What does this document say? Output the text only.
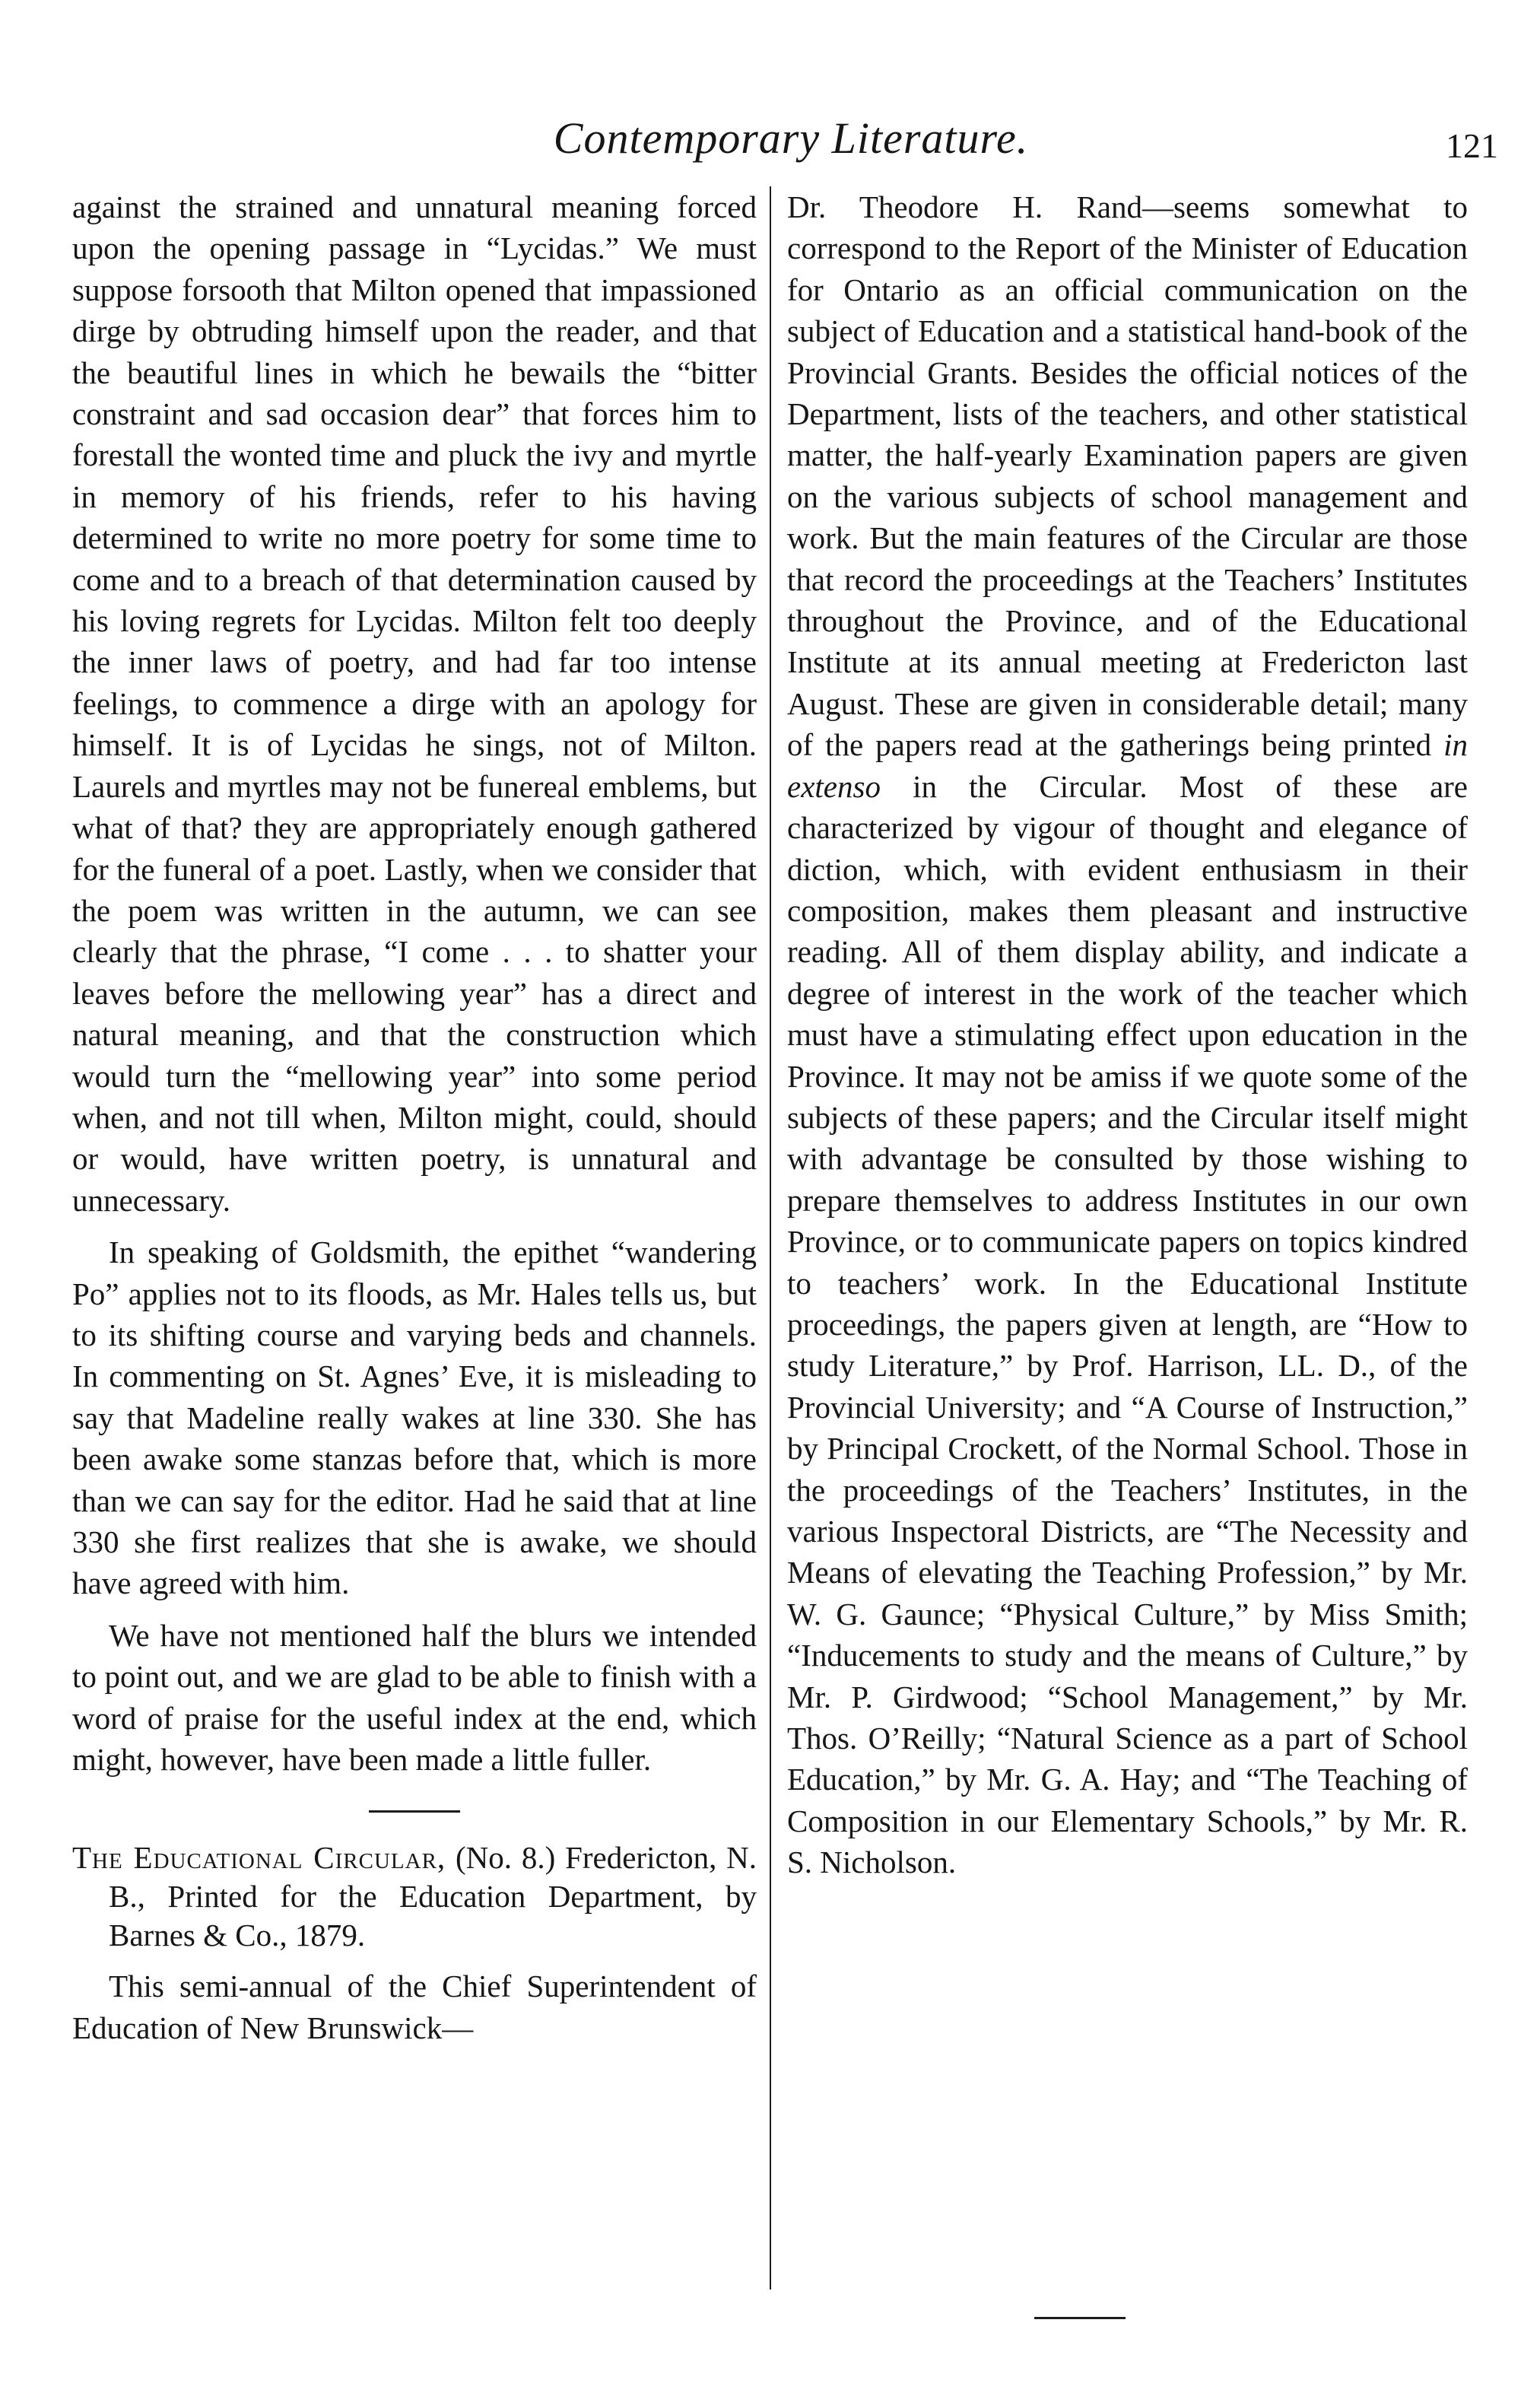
Contemporary Literature.	121

against the strained and unnatural meaning forced upon the opening passage in “Lycidas.” We must suppose forsooth that Milton opened that impassioned dirge by obtruding himself upon the reader, and that the beautiful lines in which he bewails the “bitter constraint and sad occasion dear” that forces him to forestall the wonted time and pluck the ivy and myrtle in memory of his friends, refer to his having determined to write no more poetry for some time to come and to a breach of that determination caused by his loving regrets for Lycidas. Milton felt too deeply the inner laws of poetry, and had far too intense feelings, to commence a dirge with an apology for himself. It is of Lycidas he sings, not of Milton. Laurels and myrtles may not be funereal emblems, but what of that? they are appropriately enough gathered for the funeral of a poet. Lastly, when we consider that the poem was written in the autumn, we can see clearly that the phrase, “I come . . . to shatter your leaves before the mellowing year” has a direct and natural meaning, and that the construction which would turn the “mellowing year” into some period when, and not till when, Milton might, could, should or would, have written poetry, is unnatural and unnecessary.

In speaking of Goldsmith, the epithet “wandering Po” applies not to its floods, as Mr. Hales tells us, but to its shifting course and varying beds and channels. In commenting on St. Agnes’ Eve, it is misleading to say that Madeline really wakes at line 330. She has been awake some stanzas before that, which is more than we can say for the editor. Had he said that at line 330 she first realizes that she is awake, we should have agreed with him.

We have not mentioned half the blurs we intended to point out, and we are glad to be able to finish with a word of praise for the useful index at the end, which might, however, have been made a little fuller.

The Educational Circular, (No. 8.) Fredericton, N. B., Printed for the Education Department, by Barnes & Co., 1879.

This semi-annual of the Chief Superintendent of Education of New Brunswick—

Dr. Theodore H. Rand—seems somewhat to correspond to the Report of the Minister of Education for Ontario as an official communication on the subject of Education and a statistical hand-book of the Provincial Grants. Besides the official notices of the Department, lists of the teachers, and other statistical matter, the half-yearly Examination papers are given on the various subjects of school management and work. But the main features of the Circular are those that record the proceedings at the Teachers’ Institutes throughout the Province, and of the Educational Institute at its annual meeting at Fredericton last August. These are given in considerable detail; many of the papers read at the gatherings being printed in extenso in the Circular. Most of these are characterized by vigour of thought and elegance of diction, which, with evident enthusiasm in their composition, makes them pleasant and instructive reading. All of them display ability, and indicate a degree of interest in the work of the teacher which must have a stimulating effect upon education in the Province. It may not be amiss if we quote some of the subjects of these papers; and the Circular itself might with advantage be consulted by those wishing to prepare themselves to address Institutes in our own Province, or to communicate papers on topics kindred to teachers’ work. In the Educational Institute proceedings, the papers given at length, are “How to study Literature,” by Prof. Harrison, LL. D., of the Provincial University; and “A Course of Instruction,” by Principal Crockett, of the Normal School. Those in the proceedings of the Teachers’ Institutes, in the various Inspectoral Districts, are “The Necessity and Means of elevating the Teaching Profession,” by Mr. W. G. Gaunce; “Physical Culture,” by Miss Smith; “Inducements to study and the means of Culture,” by Mr. P. Girdwood; “School Management,” by Mr. Thos. O’Reilly; “Natural Science as a part of School Education,” by Mr. G. A. Hay; and “The Teaching of Composition in our Elementary Schools,” by Mr. R. S. Nicholson.
